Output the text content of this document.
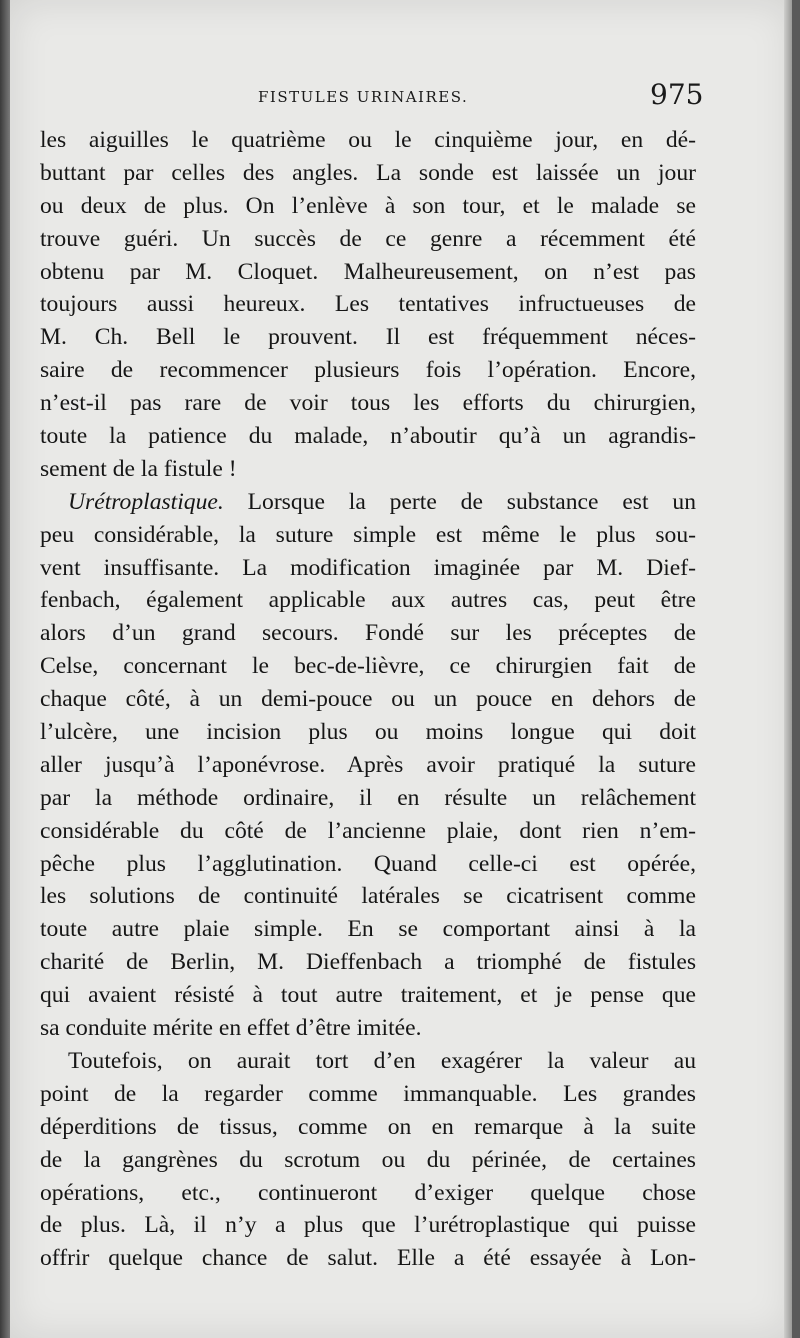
FISTULES URINAIRES.	975
les aiguilles le quatrième ou le cinquième jour, en dé-
buttant par celles des angles. La sonde est laissée un jour
ou deux de plus. On l’enlève à son tour, et le malade se
trouve guéri. Un succès de ce genre a récemment été
obtenu par M. Cloquet. Malheureusement, on n’est pas
toujours aussi heureux. Les tentatives infructueuses de
M. Ch. Bell le prouvent. Il est fréquemment néces-
saire de recommencer plusieurs fois l’opération. Encore,
n’est-il pas rare de voir tous les efforts du chirurgien,
toute la patience du malade, n’aboutir qu’à un agrandis-
sement de la fistule !
Urétroplastique. Lorsque la perte de substance est un
peu considérable, la suture simple est même le plus sou-
vent insuffisante. La modification imaginée par M. Dief-
fenbach, également applicable aux autres cas, peut être
alors d’un grand secours. Fondé sur les préceptes de
Celse, concernant le bec-de-lièvre, ce chirurgien fait de
chaque côté, à un demi-pouce ou un pouce en dehors de
l’ulcère, une incision plus ou moins longue qui doit
aller jusqu’à l’aponévrose. Après avoir pratiqué la suture
par la méthode ordinaire, il en résulte un relâchement
considérable du côté de l’ancienne plaie, dont rien n’em-
pêche plus l’agglutination. Quand celle-ci est opérée,
les solutions de continuité latérales se cicatrisent comme
toute autre plaie simple. En se comportant ainsi à la
charité de Berlin, M. Dieffenbach a triomphé de fistules
qui avaient résisté à tout autre traitement, et je pense que
sa conduite mérite en effet d’être imitée.
Toutefois, on aurait tort d’en exagérer la valeur au
point de la regarder comme immanquable. Les grandes
déperditions de tissus, comme on en remarque à la suite
de la gangrènes du scrotum ou du périnée, de certaines
opérations, etc., continueront d’exiger quelque chose
de plus. Là, il n’y a plus que l’urétroplastique qui puisse
offrir quelque chance de salut. Elle a été essayée à Lon-
